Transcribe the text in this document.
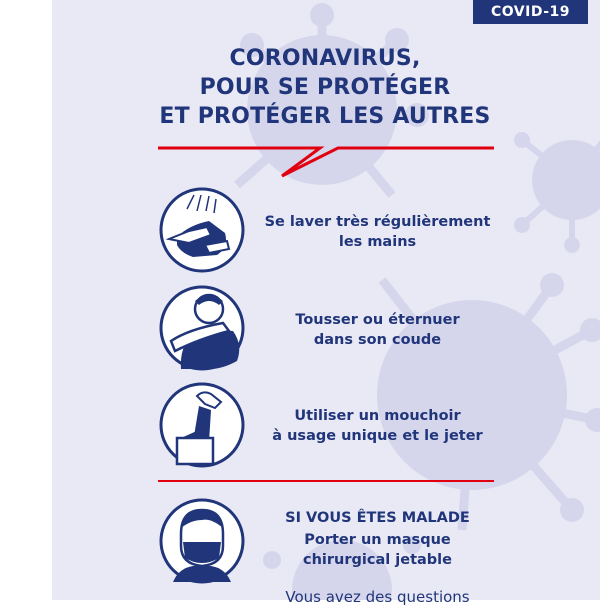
COVID-19
CORONAVIRUS,
POUR SE PROTÉGER
ET PROTÉGER LES AUTRES
Se laver très régulièrement
les mains
Tousser ou éternuer
dans son coude
Utiliser un mouchoir
à usage unique et le jeter
SI VOUS ÊTES MALADE
Porter un masque
chirurgical jetable
Vous avez des questions
